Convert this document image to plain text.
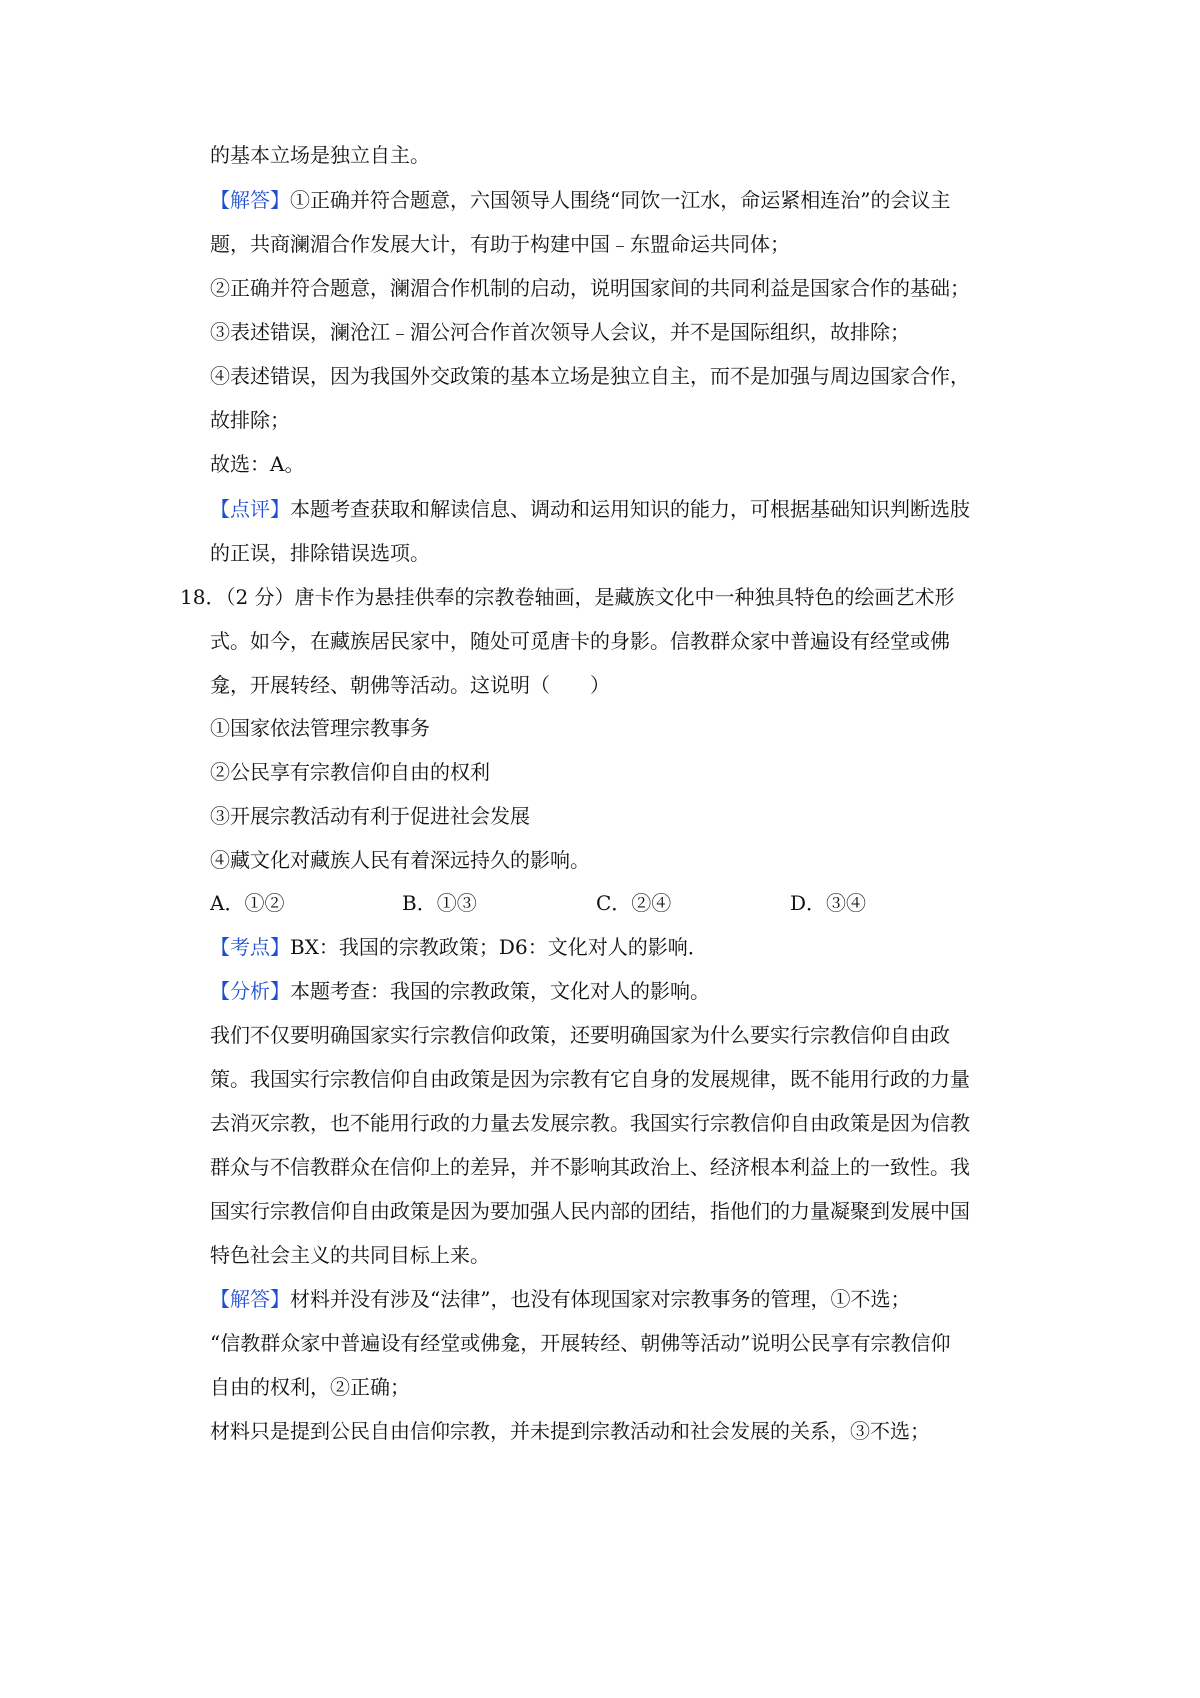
的基本立场是独立自主。
【解答】①正确并符合题意，六国领导人围绕“同饮一江水，命运紧相连治”的会议主
题，共商澜湄合作发展大计，有助于构建中国﹣东盟命运共同体；
②正确并符合题意，澜湄合作机制的启动，说明国家间的共同利益是国家合作的基础；
③表述错误，澜沧江﹣湄公河合作首次领导人会议，并不是国际组织，故排除；
④表述错误，因为我国外交政策的基本立场是独立自主，而不是加强与周边国家合作，
故排除；
故选：A。
【点评】本题考查获取和解读信息、调动和运用知识的能力，可根据基础知识判断选肢
的正误，排除错误选项。
18．（2 分）唐卡作为悬挂供奉的宗教卷轴画，是藏族文化中一种独具特色的绘画艺术形
式。如今，在藏族居民家中，随处可觅唐卡的身影。信教群众家中普遍设有经堂或佛
龛，开展转经、朝佛等活动。这说明（　　）
①国家依法管理宗教事务
②公民享有宗教信仰自由的权利
③开展宗教活动有利于促进社会发展
④藏文化对藏族人民有着深远持久的影响。
A．①②	B．①③	C．②④	D．③④
【考点】BX：我国的宗教政策；D6：文化对人的影响．
【分析】本题考查：我国的宗教政策，文化对人的影响。
我们不仅要明确国家实行宗教信仰政策，还要明确国家为什么要实行宗教信仰自由政
策。我国实行宗教信仰自由政策是因为宗教有它自身的发展规律，既不能用行政的力量
去消灭宗教，也不能用行政的力量去发展宗教。我国实行宗教信仰自由政策是因为信教
群众与不信教群众在信仰上的差异，并不影响其政治上、经济根本利益上的一致性。我
国实行宗教信仰自由政策是因为要加强人民内部的团结，指他们的力量凝聚到发展中国
特色社会主义的共同目标上来。
【解答】材料并没有涉及“法律”，也没有体现国家对宗教事务的管理，①不选；
“信教群众家中普遍设有经堂或佛龛，开展转经、朝佛等活动”说明公民享有宗教信仰
自由的权利，②正确；
材料只是提到公民自由信仰宗教，并未提到宗教活动和社会发展的关系，③不选；
